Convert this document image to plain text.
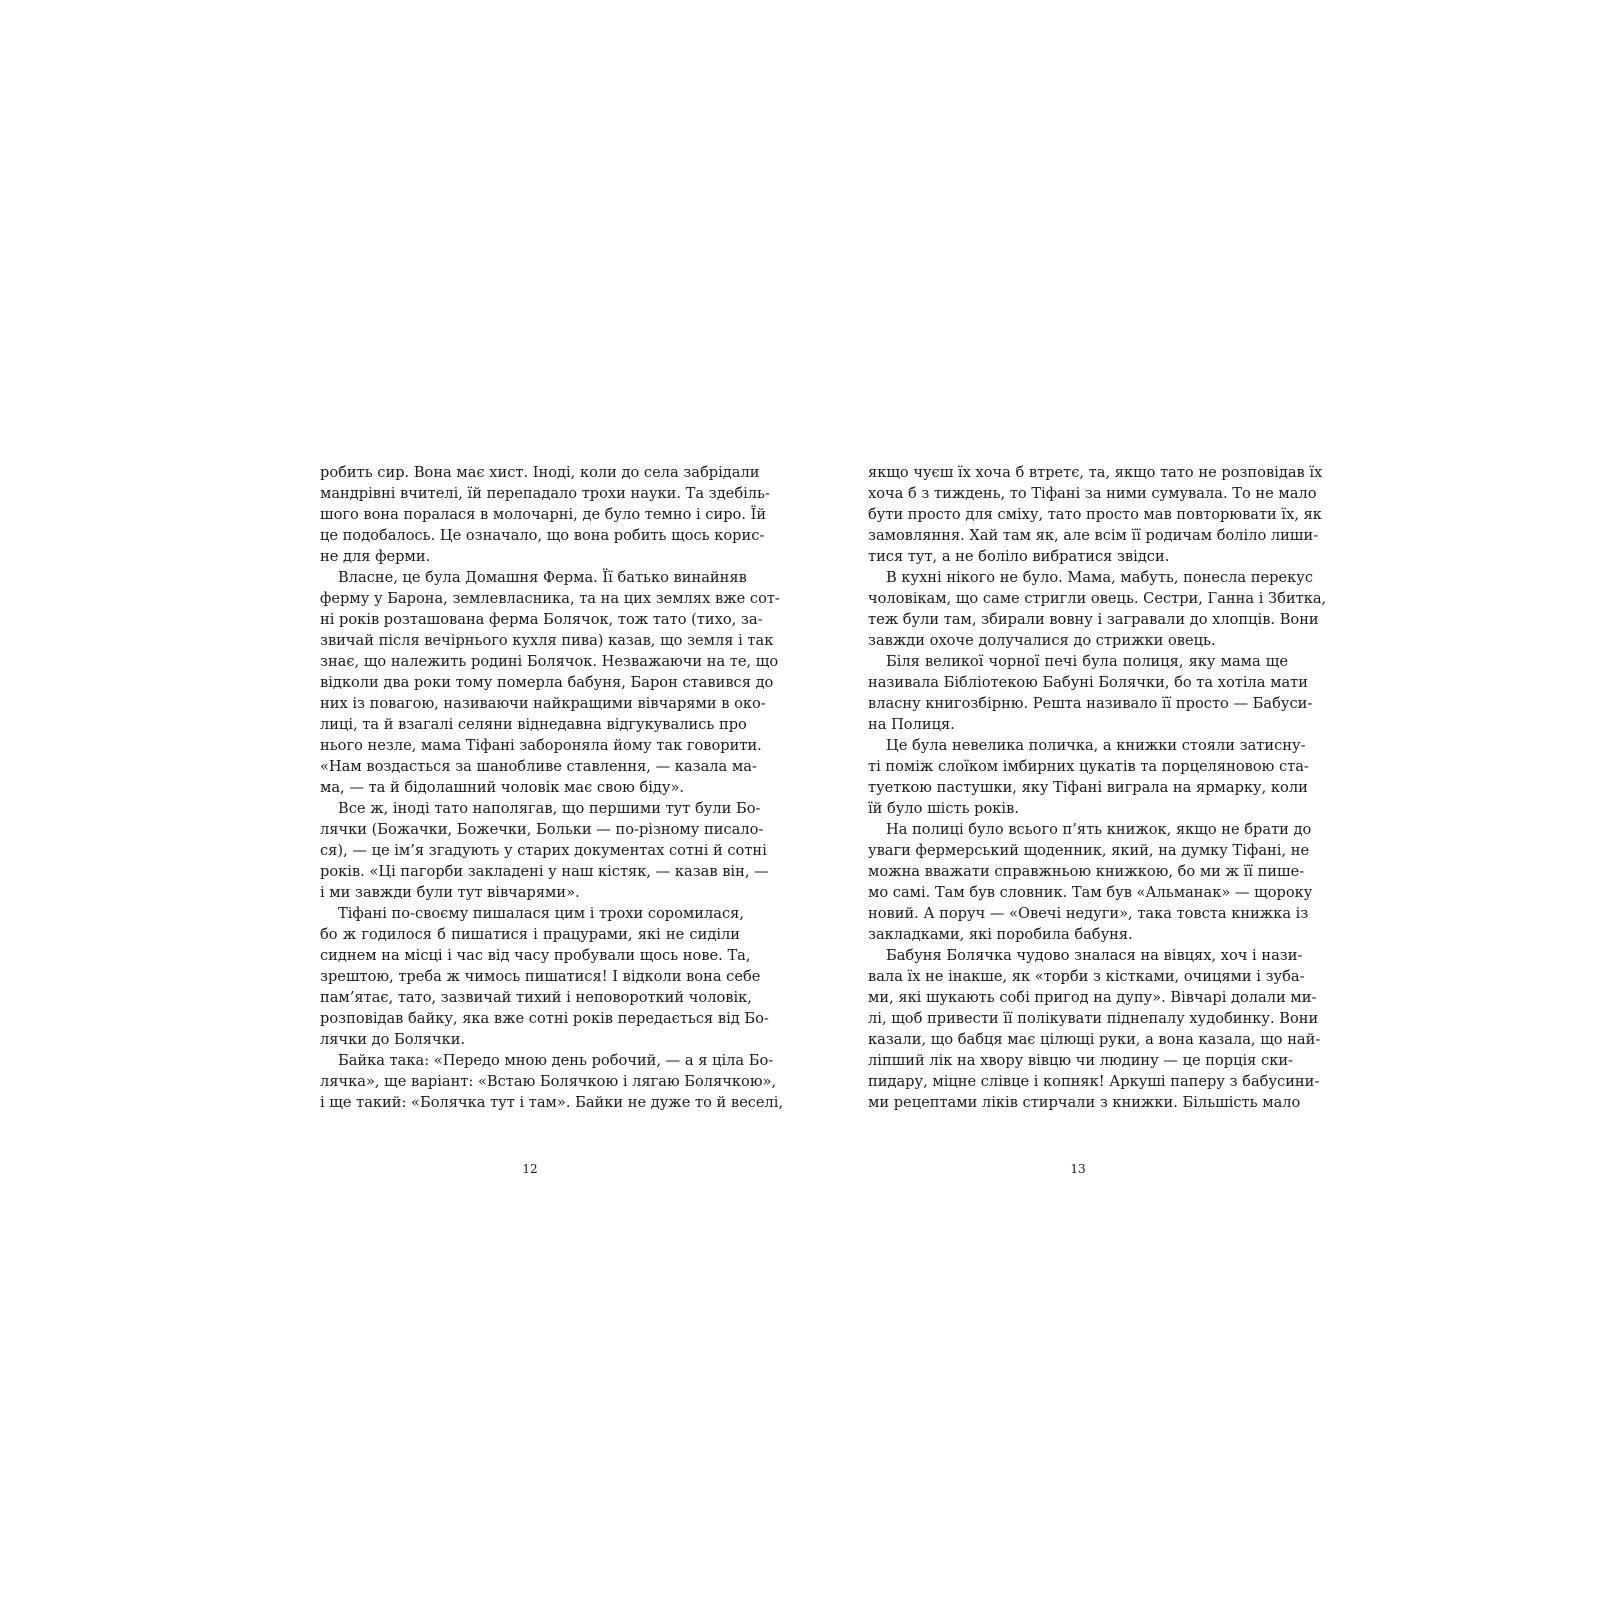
робить сир. Вона має хист. Іноді, коли до села забрідали
мандрівні вчителі, їй перепадало трохи науки. Та здебіль-
шого вона поралася в молочарні, де було темно і сиро. Їй
це подобалось. Це означало, що вона робить щось корис-
не для ферми.
Власне, це була Домашня Ферма. Її батько винайняв
ферму у Барона, землевласника, та на цих землях вже сот-
ні років розташована ферма Болячок, тож тато (тихо, за-
звичай після вечірнього кухля пива) казав, що земля і так
знає, що належить родині Болячок. Незважаючи на те, що
відколи два роки тому померла бабуня, Барон ставився до
них із повагою, називаючи найкращими вівчарями в око-
лиці, та й взагалі селяни віднедавна відгукувались про
нього незле, мама Тіфані забороняла йому так говорити.
«Нам воздасться за шанобливе ставлення, — казала ма-
ма, — та й бідолашний чоловік має свою біду».
Все ж, іноді тато наполягав, що першими тут були Бо-
лячки (Божачки, Божечки, Больки — по-різному писало-
ся), — це ім’я згадують у старих документах сотні й сотні
років. «Ці пагорби закладені у наш кістяк, — казав він, —
і ми завжди були тут вівчарями».
Тіфані по-своєму пишалася цим і трохи соромилася,
бо ж годилося б пишатися і працурами, які не сиділи
сиднем на місці і час від часу пробували щось нове. Та,
зрештою, треба ж чимось пишатися! І відколи вона себе
пам’ятає, тато, зазвичай тихий і неповороткий чоловік,
розповідав байку, яка вже сотні років передається від Бо-
лячки до Болячки.
Байка така: «Передо мною день робочий, — а я ціла Бо-
лячка», ще варіант: «Встаю Болячкою і лягаю Болячкою»,
і ще такий: «Болячка тут і там». Байки не дуже то й веселі,
якщо чуєш їх хоча б втретє, та, якщо тато не розповідав їх
хоча б з тиждень, то Тіфані за ними сумувала. То не мало
бути просто для сміху, тато просто мав повторювати їх, як
замовляння. Хай там як, але всім її родичам боліло лиши-
тися тут, а не боліло вибратися звідси.
В кухні нікого не було. Мама, мабуть, понесла перекус
чоловікам, що саме стригли овець. Сестри, Ганна і Збитка,
теж були там, збирали вовну і загравали до хлопців. Вони
завжди охоче долучалися до стрижки овець.
Біля великої чорної печі була полиця, яку мама ще
називала Бібліотекою Бабуні Болячки, бо та хотіла мати
власну книгозбірню. Решта називало її просто — Бабуси-
на Полиця.
Це була невелика поличка, а книжки стояли затисну-
ті поміж слоїком імбирних цукатів та порцеляновою ста-
туеткою пастушки, яку Тіфані виграла на ярмарку, коли
їй було шість років.
На полиці було всього п’ять книжок, якщо не брати до
уваги фермерський щоденник, який, на думку Тіфані, не
можна вважати справжньою книжкою, бо ми ж її пише-
мо самі. Там був словник. Там був «Альманак» — щороку
новий. А поруч — «Овечі недуги», така товста книжка із
закладками, які поробила бабуня.
Бабуня Болячка чудово зналася на вівцях, хоч і нази-
вала їх не інакше, як «торби з кістками, очицями і зуба-
ми, які шукають собі пригод на дупу». Вівчарі долали ми-
лі, щоб привести її полікувати піднепалу худобинку. Вони
казали, що бабця має цілющі руки, а вона казала, що най-
ліпший лік на хвору вівцю чи людину — це порція ски-
пидару, міцне слівце і копняк! Аркуші паперу з бабусини-
ми рецептами ліків стирчали з книжки. Більшість мало
12	13
